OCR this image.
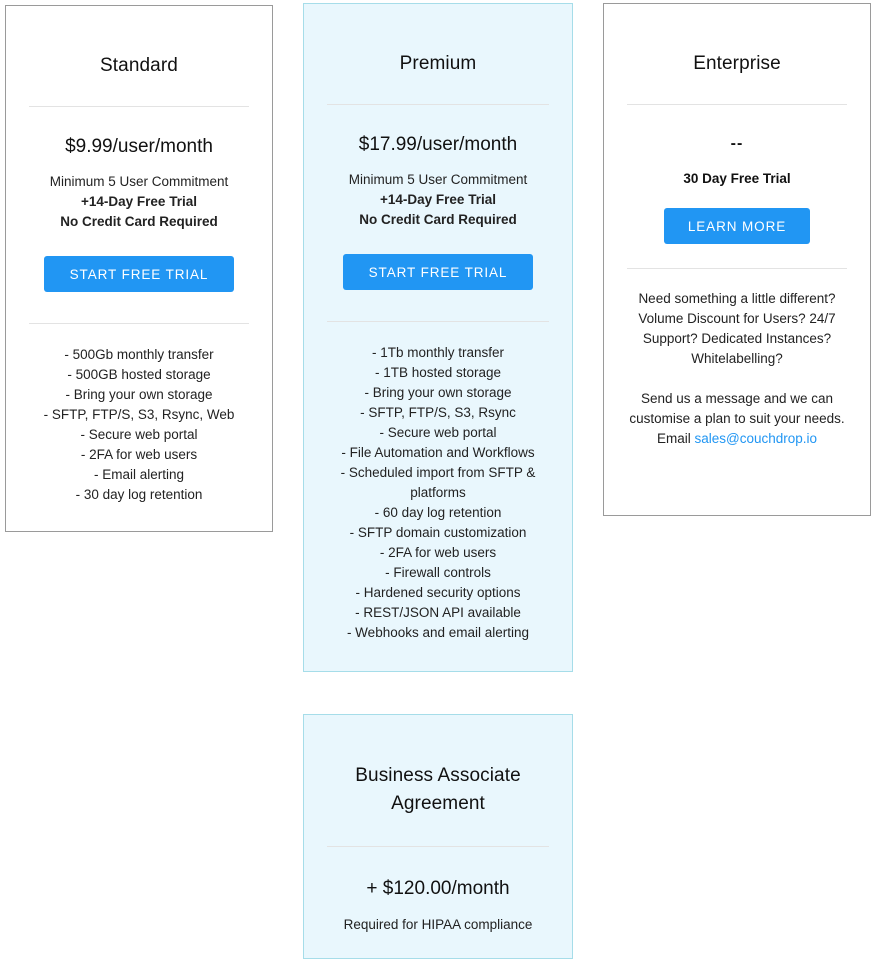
Standard
$9.99/user/month
Minimum 5 User Commitment
+14-Day Free Trial
No Credit Card Required
START FREE TRIAL
- 500Gb monthly transfer
- 500GB hosted storage
- Bring your own storage
- SFTP, FTP/S, S3, Rsync, Web
- Secure web portal
- 2FA for web users
- Email alerting
- 30 day log retention
Premium
$17.99/user/month
Minimum 5 User Commitment
+14-Day Free Trial
No Credit Card Required
START FREE TRIAL
- 1Tb monthly transfer
- 1TB hosted storage
- Bring your own storage
- SFTP, FTP/S, S3, Rsync
- Secure web portal
- File Automation and Workflows
- Scheduled import from SFTP & platforms
- 60 day log retention
- SFTP domain customization
- 2FA for web users
- Firewall controls
- Hardened security options
- REST/JSON API available
- Webhooks and email alerting
Enterprise
--
30 Day Free Trial
LEARN MORE

Need something a little different?

Volume Discount for Users? 24/7

Support? Dedicated Instances?

Whitelabelling?

Send us a message and we can

customise a plan to suit your needs.

Email sales@couchdrop.io

Business Associate
Agreement
+ $120.00/month
Required for HIPAA compliance
